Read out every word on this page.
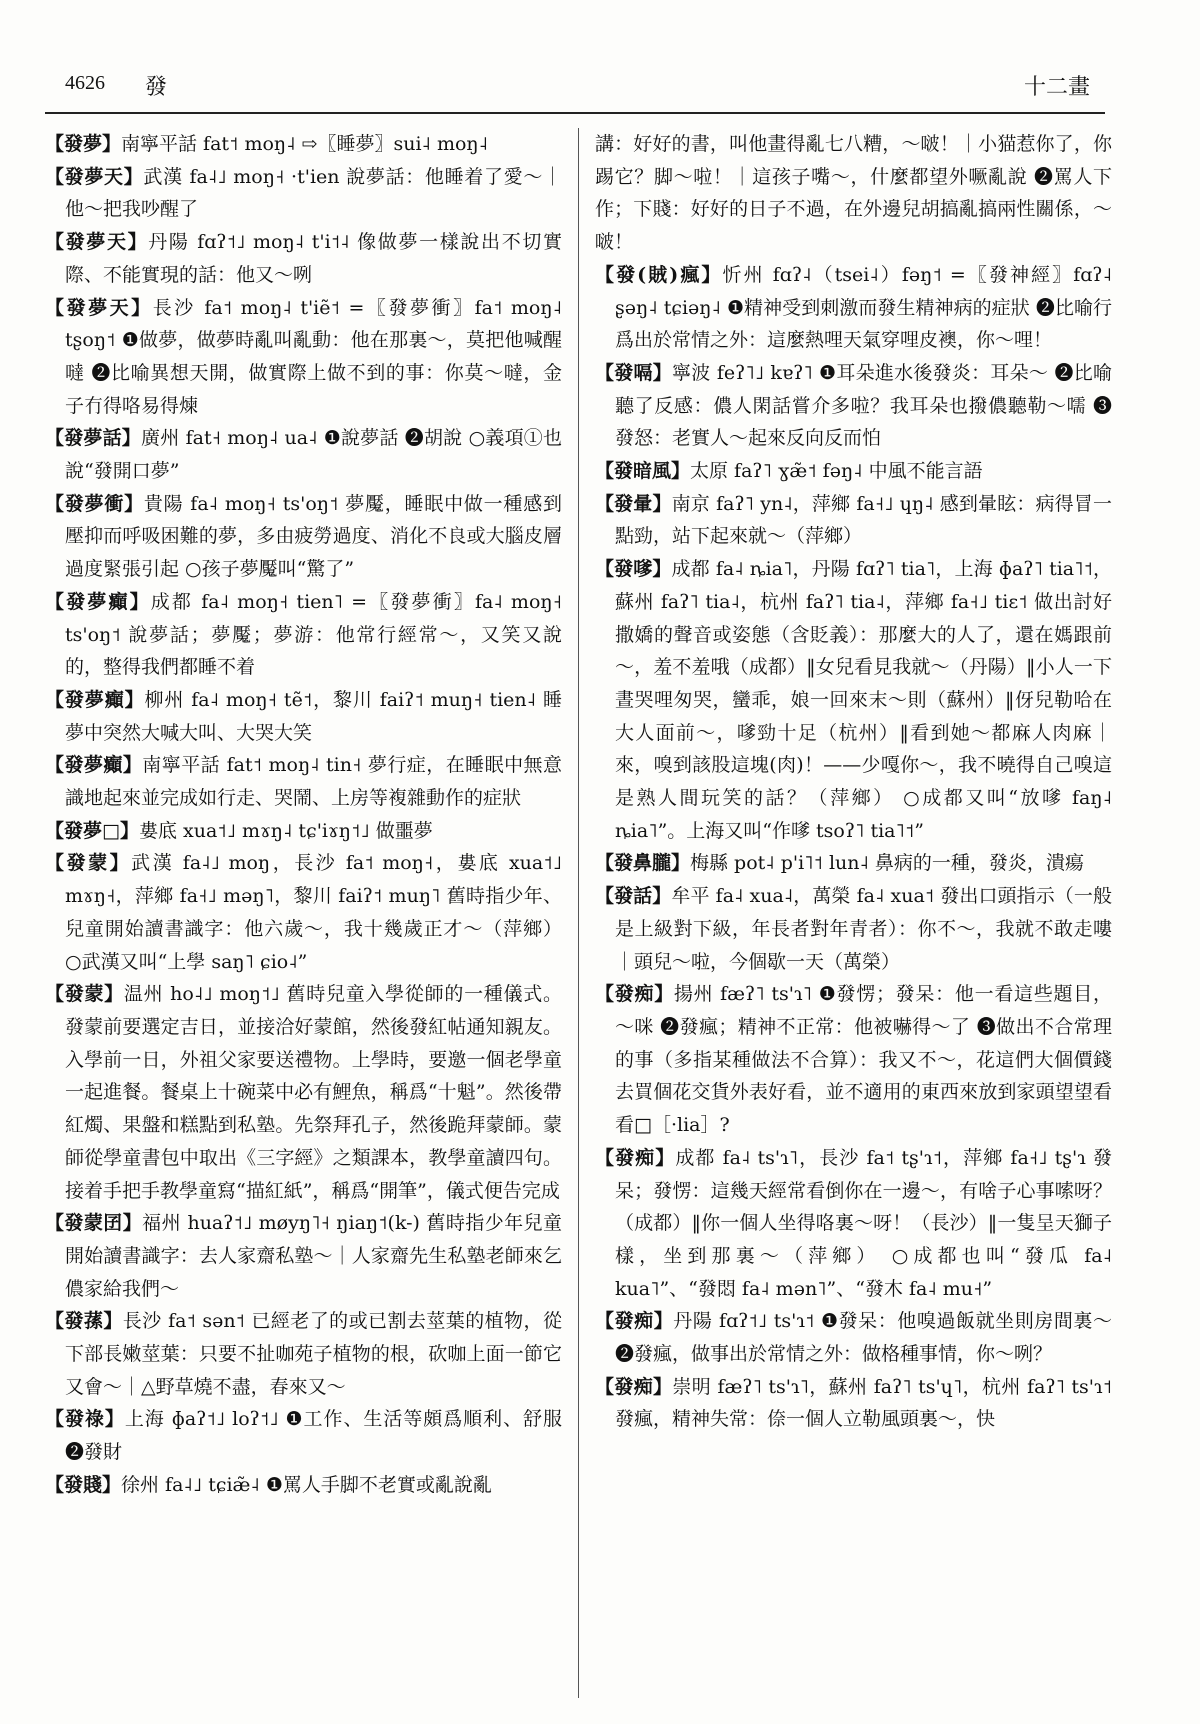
4626 發	十二畫

【發夢】南寧平話 fat˦ moŋ˨ ⇨〖睡夢〗sui˨ moŋ˨

【發夢天】武漢 fa˨˩ moŋ˧ ·t'ien 說夢話：他睡着了愛～｜他～把我吵醒了

【發夢天】丹陽 fɑʔ˦˩ moŋ˨ t'i˦˨ 像做夢一樣說出不切實際、不能實現的話：他又～咧

【發夢天】長沙 fa˦ moŋ˨ t'iẽ˦ =〖發夢衝〗fa˦ moŋ˨ tʂoŋ˦ ❶做夢，做夢時亂叫亂動：他在那裏～，莫把他喊醒噠 ❷比喻異想天開，做實際上做不到的事：你莫～噠，金子冇得咯易得煉

【發夢話】廣州 fat˧ moŋ˨ ua˨ ❶說夢話 ❷胡說 ○義項①也說“發開口夢”

【發夢衝】貴陽 fa˨ moŋ˧ ts'oŋ˦ 夢魘，睡眠中做一種感到壓抑而呼吸困難的夢，多由疲勞過度、消化不良或大腦皮層過度緊張引起 ○孩子夢魘叫“驚了”

【發夢癲】成都 fa˨ moŋ˧ tien˥ =〖發夢衝〗fa˨ moŋ˧ ts'oŋ˦ 說夢話；夢魘；夢游：他常行經常～，又笑又說的，整得我們都睡不着

【發夢癲】柳州 fa˨ moŋ˧ tẽ˦，黎川 faiʔ˦ muŋ˧ tien˨ 睡夢中突然大喊大叫、大哭大笑

【發夢癲】南寧平話 fat˦ moŋ˨ tin˧ 夢行症，在睡眠中無意識地起來並完成如行走、哭鬧、上房等複雜動作的症狀

【發夢□】婁底 xua˦˩ mɤŋ˨ tɕ'iɤŋ˦˩ 做噩夢

【發蒙】武漢 fa˨˩ moŋ，長沙 fa˦ moŋ˧，婁底 xua˦˩ mɤŋ˧，萍鄉 fa˧˩ məŋ˥，黎川 faiʔ˦ muŋ˥ 舊時指少年、兒童開始讀書識字：他六歲～，我十幾歲正才～（萍鄉） ○武漢又叫“上學 saŋ˥ ɕio˨”

【發蒙】温州 ho˨˩ moŋ˦˩ 舊時兒童入學從師的一種儀式。發蒙前要選定吉日，並接洽好蒙館，然後發紅帖通知親友。入學前一日，外祖父家要送禮物。上學時，要邀一個老學童一起進餐。餐桌上十碗菜中必有鯉魚，稱爲“十魁”。然後帶紅燭、果盤和糕點到私塾。先祭拜孔子，然後跪拜蒙師。蒙師從學童書包中取出《三字經》之類課本，教學童讀四句。接着手把手教學童寫“描紅紙”，稱爲“開筆”，儀式便告完成

【發蒙囝】福州 huaʔ˦˩ møyŋ˥˧ ŋiaŋ˦(k-) 舊時指少年兒童開始讀書識字：去人家齋私塾～｜人家齋先生私塾老師來乞儂家給我們～

【發蓀】長沙 fa˦ sən˦ 已經老了的或已割去莖葉的植物，從下部長嫩莖葉：只要不扯咖苑子植物的根，砍咖上面一節它又會～｜△野草燒不盡，春來又～

【發祿】上海 ɸaʔ˦˩ loʔ˦˩ ❶工作、生活等頗爲順利、舒服 ❷發財

【發賤】徐州 fa˨˩ tɕiæ̃˨ ❶罵人手脚不老實或亂說亂

講：好好的書，叫他畫得亂七八糟，～啵！｜小猫惹你了，你踢它？脚～啦！｜這孩子嘴～，什麼都望外噘亂說 ❷罵人下作；下賤：好好的日子不過，在外邊兒胡搞亂搞兩性關係，～啵！

【發(賊)瘋】忻州 fɑʔ˨（tsei˨）fəŋ˦ =〖發神經〗fɑʔ˨ ʂəŋ˨ tɕiəŋ˨ ❶精神受到刺激而發生精神病的症狀 ❷比喻行爲出於常情之外：這麼熱哩天氣穿哩皮襖，你～哩！

【發嗝】寧波 feʔ˥˩ kɐʔ˥ ❶耳朵進水後發炎：耳朵～ ❷比喻聽了反感：儂人閑話嘗介多啦？我耳朵也撥儂聽勒～嚅 ❸發怒：老實人～起來反向反而怕

【發暗風】太原 faʔ˥ ɣæ̃˦ fəŋ˨ 中風不能言語

【發暈】南京 faʔ˥ yn˨，萍鄉 fa˧˩ ɥŋ˨ 感到暈眩：病得冒一點勁，站下起來就～（萍鄉）

【發嗲】成都 fa˨ ȵia˥，丹陽 fɑʔ˥ tia˥，上海 ɸaʔ˥ tia˥˦，蘇州 faʔ˥ tia˨，杭州 faʔ˥ tia˨，萍鄉 fa˧˩ tiɛ˦ 做出討好撒嬌的聲音或姿態（含貶義）：那麼大的人了，還在媽跟前～，羞不羞哦（成都）‖女兒看見我就～（丹陽）‖小人一下晝哭哩匆哭，蠻乖，娘一回來末～則（蘇州）‖伢兒勒哈在大人面前～，嗲勁十足（杭州）‖看到她～都麻人肉麻｜來，嗅到該股這塊(肉)！——少嘎你～，我不曉得自己嗅這是熟人間玩笑的話？（萍鄉） ○成都又叫“放嗲 faŋ˨ ȵia˥”。上海又叫“作嗲 tsoʔ˥ tia˥˦”

【發鼻朧】梅縣 pot˨ p'i˥˦ lun˨ 鼻病的一種，發炎，潰瘍

【發話】牟平 fa˨ xua˨，萬榮 fa˨ xua˦ 發出口頭指示（一般是上級對下級，年長者對年青者）：你不～，我就不敢走嘍｜頭兒～啦，今個歇一天（萬榮）

【發痴】揚州 fæʔ˥ ts'ɿ˥ ❶發愣；發呆：他一看這些題目，～咪 ❷發瘋；精神不正常：他被嚇得～了 ❸做出不合常理的事（多指某種做法不合算）：我又不～，花這們大個價錢去買個花交貨外表好看，並不適用的東西來放到家頭望望看看□［·lia］?

【發痴】成都 fa˨ ts'ɿ˥，長沙 fa˦ tʂ'ɿ˦，萍鄉 fa˧˩ tʂ'ɿ 發呆；發愣：這幾天經常看倒你在一邊～，有啥子心事嗦呀？（成都）‖你一個人坐得咯裏～呀！（長沙）‖一隻呈天獅子樣，坐到那裏～（萍鄉） ○成都也叫“發瓜 fa˨ kua˥”、“發悶 fa˨ mən˥”、“發木 fa˨ mu˧”

【發痴】丹陽 fɑʔ˦˩ ts'ɿ˦ ❶發呆：他嗅過飯就坐則房間裏～ ❷發瘋，做事出於常情之外：做格種事情，你～咧？

【發痴】崇明 fæʔ˥ ts'ɿ˥，蘇州 faʔ˥ ts'ɥ˥，杭州 faʔ˥ ts'ɿ˦ 發瘋，精神失常：倷一個人立勒風頭裏～，快
